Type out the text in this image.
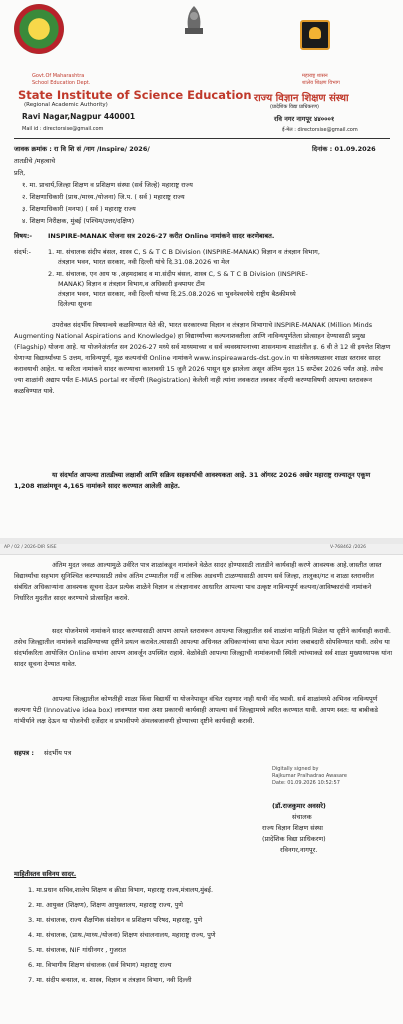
Govt.Of Maharashtra
School Education Dept.
State Institute of Science Education
(Regional Academic Authority)
Ravi Nagar,Nagpur 440001
Mail id : directorsise@gmail.com
महाराष्ट्र शासन
शालेय शिक्षण विभाग
राज्य विज्ञान शिक्षण संस्था
(प्रादेशिक विद्या प्राधिकरण)
रवि नगर नागपूर ४४०००१
ई-मेल : directorsise@gmail.com
जावक क्रमांक : रा वि शि सं /नाग /Inspire/ 2026/	दिनांक : 01.09.2026
तातडीचे /महत्वाचे
प्रति,
१. मा. प्राचार्य,जिल्हा शिक्षण व प्रशिक्षण संस्था (सर्व जिल्हे) महाराष्ट्र राज्य
२. शिक्षणाधिकारी (प्राथ./माध्य./योजना) जि.प. ( सर्व ) महाराष्ट्र राज्य
३. शिक्षणाधिकारी (मनपा) ( सर्व ) महाराष्ट्र राज्य
४. शिक्षण निरीक्षक, मुंबई (पश्चिम/उत्तर/दक्षिण)
विषय:- INSPIRE-MANAK योजना सत्र 2026-27 करीत Online नामांकने सादर करणेबाबत.
संदर्भ:-	1. मा. संचालक संदीप बंसल, शास्त्र C, S & T C B Division (INSPIRE-MANAK) विज्ञान व तंत्रज्ञान विभाग,
तंत्रज्ञान भवन, भारत सरकार, नवी दिल्ली यांचे दि.31.08.2026 चा मेल
2. मा. संचालक, एन आय फ ,अहमदाबाद व मा.संदीप बंसल, शास्त्र C, S & T C B Division (INSPIRE-
MANAK) विज्ञान व तंत्रज्ञान विभाग,व अधिकारी इन्स्पायर टीम
तंत्रज्ञान भवन, भारत सरकार, नवी दिल्ली यांच्या दि.25.08.2026 चा भुवनेश्वरयेथे राष्ट्रीय बैठकीमध्ये
दिलेल्या सूचना
उपरोक्त संदर्भीय विषयान्वये कळविण्यात येते की, भारत सरकारच्या विज्ञान व तंत्रज्ञान विभागाचे INSPIRE-MANAK (Million Minds Augmenting National Aspirations and Knowledge) हा विद्यार्थ्यांच्या कल्पनाशक्तीला आणि नाविन्यपूर्णतेला प्रोत्साहन देण्यासाठी प्रमुख (Flagship) योजना आहे. या योजनेअंतर्गत सन 2026-27 मध्ये सर्व माध्यमाच्या व सर्व व्यवस्थापनाच्या शासनमान्य शाळांतील इ. 6 वी ते 12 वी इयत्तेत शिक्षण घेणाऱ्या विद्यार्थ्यांच्या 5 उत्तम, नाविन्यपूर्ण, मूळ कल्पनांची Online नामांकने www.inspireawards-dst.gov.in या संकेतस्थळावर शाळा स्तरावर सादर करावयाची आहेत. या करिता नामांकने सादर करण्याचा कालावधी 15 जुलै 2026 पासून सुरु झालेला असून अंतिम मुदत 15 सप्टेंबर 2026 पर्यंत आहे. तसेच ज्या शाळांनी अद्याप पर्यंत E-MIAS portal वर नोंदणी (Registration) केलेली नाही त्यांना लवकरात लवकर नोंदणी करण्याविषयी आपल्या स्तरावरून कळविण्यात यावे.
या संदर्भात आपल्या तातडीच्या लक्षाशी आणि सक्रिय सहकार्याची आवश्यकता आहे. 31 ऑगस्ट 2026 अखेर महाराष्ट्र राज्यातून एकूण 1,208 शाळांमधून 4,165 नामांकने सादर करण्यात आलेली आहेत.
AP / 02 / 2026-DIR SISE	V-768462 /2026
अंतिम मुदत जवळ आल्यामुळे उर्वरित पात्र शाळांकडून नामांकने वेळेत सादर होण्यासाठी तातडीने कार्यवाही करणे आवश्यक आहे.जास्तीत जास्त विद्यार्थ्यांचा सहभाग सुनिश्चित करण्यासाठी तसेच अंतिम टप्प्यातील गर्दी व तांत्रिक अडचणी टाळण्यासाठी आपण सर्व जिल्हा, तालुका/गट व शाळा स्तरावरील संबंधित अधिकाऱ्यांना आवश्यक सूचना देऊन प्रत्येक शाळेने विज्ञान व तंत्रज्ञानावर आधारित आपल्या पाच उत्कृष्ट नाविन्यपूर्ण कल्पना/आविष्कारांची नामांकने निर्धारित मुदतीत सादर करण्याचे प्रोत्साहित करावे.
सदर योजनेमध्ये नामांकने सादर करण्यासाठी आपण आपले स्तरावरून आपल्या जिल्ह्यातील सर्व शाळांना माहिती मिळेल या दृष्टीने कार्यवाही करावी. तसेच जिल्ह्यातील नामांकने वाढविण्याच्या दृष्टीने प्रयत्न करावेत.त्यासाठी आपल्या अधिनस्त अधिकाऱ्यांच्या सभा घेऊन त्यांना जबाबदारी सोपविण्यात यावी. तसेच या संदर्भाकरिता आयोजित Online सभांना आपण आवर्जून उपस्थित राहावे. वेळोवेळी आपल्या जिल्ह्याची नामांकनाची स्थिती त्यांच्याकडे सर्व शाळा मुख्याध्यापक यांना सादर सूचना देण्यात यावेत.
आपल्या जिल्ह्यातील कोणतीही शाळा किंवा विद्यार्थी या योजनेपासून वंचित राहणार नाही याची नोंद घ्यावी. सर्व शाळांमध्ये अभिनव नाविन्यपूर्ण कल्पना पेटी (Innovative idea box) लावण्यात यावा अशा प्रकारची कार्यवाही आपल्या सर्व जिल्ह्यामध्ये त्वरित करण्यात यावी. आपण स्वत: या बाबीकडे गांभीर्याने लक्ष देऊन या योजनेची दर्जेदार व प्रभावीपणे अंमलबजावणी होण्याच्या दृष्टीने कार्यवाही करावी.
सहपत्र : संदर्भीय पत्र
Digitally signed by
Rajkumar Pralhadrao Awasare
Date: 01.09.2026 10:52:57
(डॉ.राजकुमार अवसरे)
संचालक
राज्य विज्ञान शिक्षण संस्था
(प्रादेशिक विद्या प्राधिकरण)
रविनगर,नागपूर.
माहितीस्तव सविनय सादर.
1. मा.प्रधान सचिव,शालेय शिक्षण व क्रीडा विभाग, महाराष्ट्र राज्य,मंत्रालय,मुंबई.
2. मा. आयुक्त (शिक्षण), शिक्षण आयुक्तालय, महाराष्ट्र राज्य, पुणे
3. मा. संचालक, राज्य शैक्षणिक संशोधन व प्रशिक्षण परिषद, महाराष्ट्र, पुणे
4. मा. संचालक, (प्राथ./माध्य./योजना) शिक्षण संचालनालय, महाराष्ट्र राज्य, पुणे
5. मा. संचालक, NIF गांधीनगर , गुजरात
6. मा. विभागीय शिक्षण संचालक (सर्व विभाग) महाराष्ट्र राज्य
7. मा. संदीप बन्साल, व. शास्त्र, विज्ञान व तंत्रज्ञान विभाग, नवी दिल्ली
